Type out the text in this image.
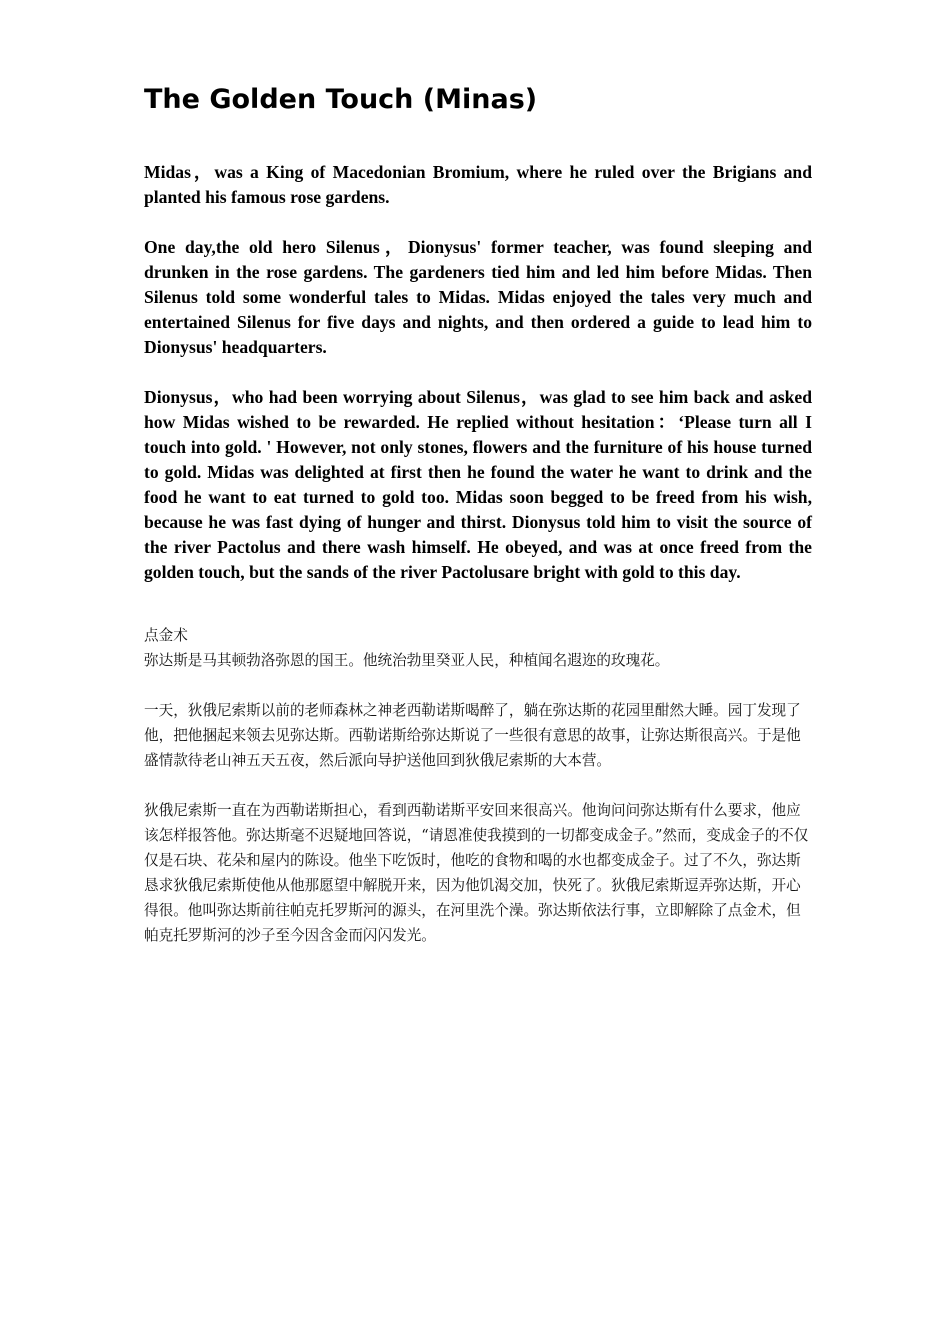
The Golden Touch (Minas)

Midas，was a King of Macedonian Bromium, where he ruled over the Brigians and planted his famous rose gardens.

One day,the old hero Silenus，Dionysus' former teacher, was found sleeping and drunken in the rose gardens. The gardeners tied him and led him before Midas. Then Silenus told some wonderful tales to Midas. Midas enjoyed the tales very much and entertained Silenus for five days and nights, and then ordered a guide to lead him to Dionysus' headquarters.

Dionysus，who had been worrying about Silenus，was glad to see him back and asked how Midas wished to be rewarded. He replied without hesitation：‘Please turn all I touch into gold. ' However, not only stones, flowers and the furniture of his house turned to gold. Midas was delighted at first then he found the water he want to drink and the food he want to eat turned to gold too. Midas soon begged to be freed from his wish, because he was fast dying of hunger and thirst. Dionysus told him to visit the source of the river Pactolus and there wash himself. He obeyed, and was at once freed from the golden touch, but the sands of the river Pactolusare bright with gold to this day.

点金术

弥达斯是马其顿勃洛弥恩的国王。他统治勃里癸亚人民，种植闻名遐迩的玫瑰花。

一天，狄俄尼索斯以前的老师森林之神老西勒诺斯喝醉了，躺在弥达斯的花园里酣然大睡。园丁发现了他，把他捆起来领去见弥达斯。西勒诺斯给弥达斯说了一些很有意思的故事，让弥达斯很高兴。于是他盛情款待老山神五天五夜，然后派向导护送他回到狄俄尼索斯的大本营。

狄俄尼索斯一直在为西勒诺斯担心，看到西勒诺斯平安回来很高兴。他询问问弥达斯有什么要求，他应该怎样报答他。弥达斯毫不迟疑地回答说，“请恩准使我摸到的一切都变成金子。”然而，变成金子的不仅仅是石块、花朵和屋内的陈设。他坐下吃饭时，他吃的食物和喝的水也都变成金子。过了不久，弥达斯恳求狄俄尼索斯使他从他那愿望中解脱开来，因为他饥渴交加，快死了。狄俄尼索斯逗弄弥达斯，开心得很。他叫弥达斯前往帕克托罗斯河的源头，在河里洗个澡。弥达斯依法行事，立即解除了点金术，但帕克托罗斯河的沙子至今因含金而闪闪发光。
